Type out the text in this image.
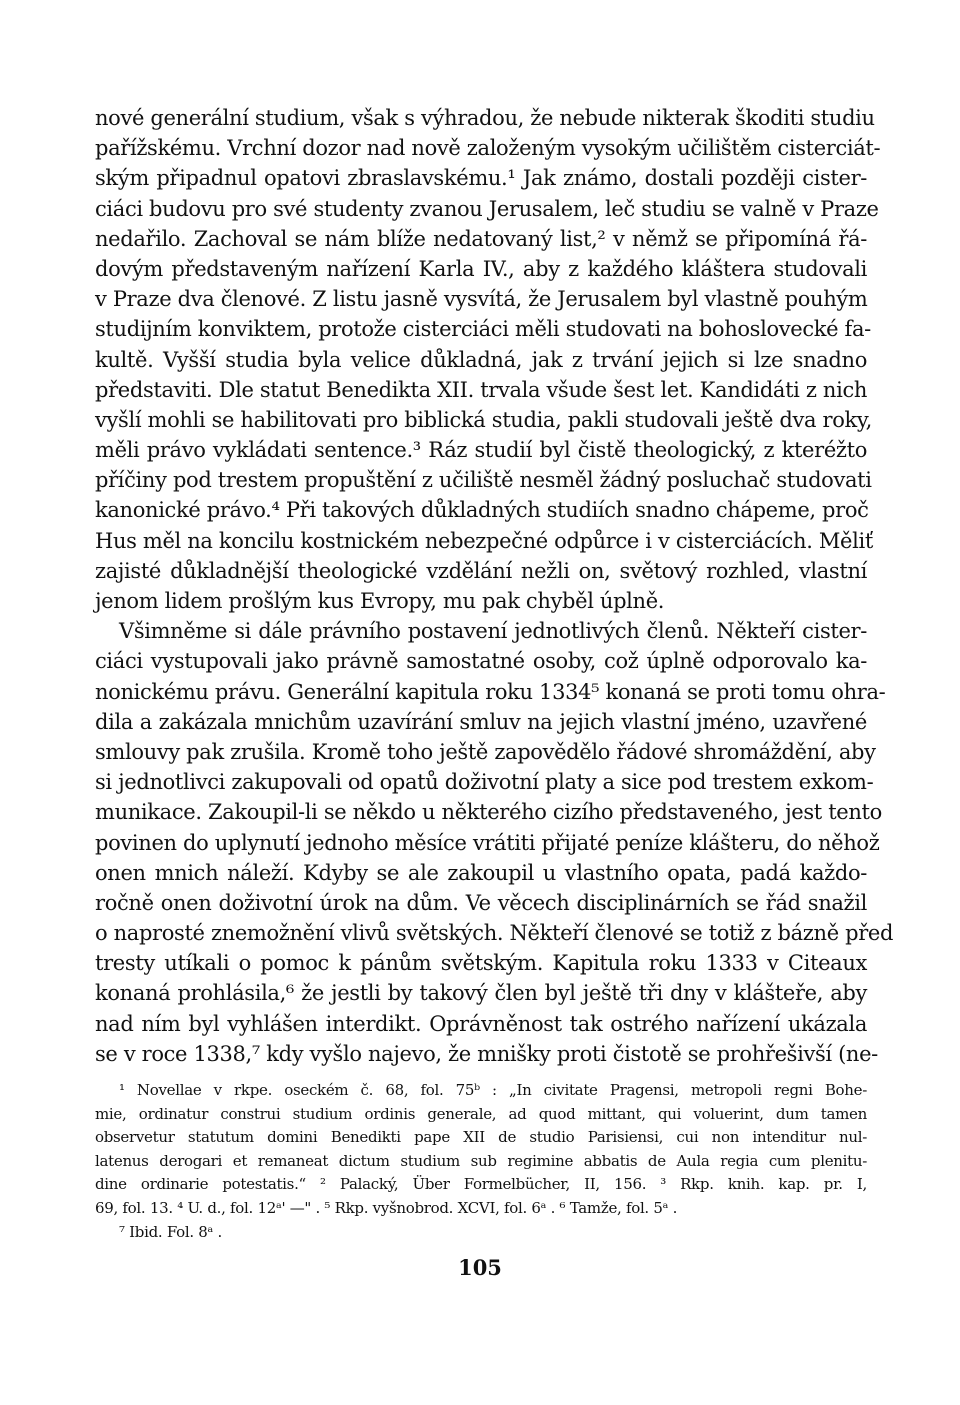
nové generální studium, však s výhradou, že nebude nikterak škoditi studiu
pařížskému. Vrchní dozor nad nově založeným vysokým učilištěm cisterciát-
ským připadnul opatovi zbraslavskému.¹ Jak známo, dostali později cister-
ciáci budovu pro své studenty zvanou Jerusalem, leč studiu se valně v Praze
nedařilo. Zachoval se nám blíže nedatovaný list,² v němž se připomíná řá-
dovým představeným nařízení Karla IV., aby z každého kláštera studovali
v Praze dva členové. Z listu jasně vysvítá, že Jerusalem byl vlastně pouhým
studijním konviktem, protože cisterciáci měli studovati na bohoslovecké fa-
kultě. Vyšší studia byla velice důkladná, jak z trvání jejich si lze snadno
představiti. Dle statut Benedikta XII. trvala všude šest let. Kandidáti z nich
vyšlí mohli se habilitovati pro biblická studia, pakli studovali ještě dva roky,
měli právo vykládati sentence.³ Ráz studií byl čistě theologický, z kteréžto
příčiny pod trestem propuštění z učiliště nesměl žádný posluchač studovati
kanonické právo.⁴ Při takových důkladných studiích snadno chápeme, proč
Hus měl na koncilu kostnickém nebezpečné odpůrce i v cisterciácích. Měliť
zajisté důkladnější theologické vzdělání nežli on, světový rozhled, vlastní
jenom lidem prošlým kus Evropy, mu pak chyběl úplně.
Všimněme si dále právního postavení jednotlivých členů. Někteří cister-
ciáci vystupovali jako právně samostatné osoby, což úplně odporovalo ka-
nonickému právu. Generální kapitula roku 1334⁵ konaná se proti tomu ohra-
dila a zakázala mnichům uzavírání smluv na jejich vlastní jméno, uzavřené
smlouvy pak zrušila. Kromě toho ještě zapovědělo řádové shromáždění, aby
si jednotlivci zakupovali od opatů doživotní platy a sice pod trestem exkom-
munikace. Zakoupil-li se někdo u některého cizího představeného, jest tento
povinen do uplynutí jednoho měsíce vrátiti přijaté peníze klášteru, do něhož
onen mnich náleží. Kdyby se ale zakoupil u vlastního opata, padá každo-
ročně onen doživotní úrok na dům. Ve věcech disciplinárních se řád snažil
o naprosté znemožnění vlivů světských. Někteří členové se totiž z bázně před
tresty utíkali o pomoc k pánům světským. Kapitula roku 1333 v Citeaux
konaná prohlásila,⁶ že jestli by takový člen byl ještě tři dny v klášteře, aby
nad ním byl vyhlášen interdikt. Oprávněnost tak ostrého nařízení ukázala
se v roce 1338,⁷ kdy vyšlo najevo, že mnišky proti čistotě se prohřešivší (ne-
¹ Novellae v rkpe. oseckém č. 68, fol. 75ᵇ : „In civitate Pragensi, metropoli regni Bohe-
mie, ordinatur construi studium ordinis generale, ad quod mittant, qui voluerint, dum tamen
observetur statutum domini Benedikti pape XII de studio Parisiensi, cui non intenditur nul-
latenus derogari et remaneat dictum studium sub regimine abbatis de Aula regia cum plenitu-
dine ordinarie potestatis.“ ² Palacký, Über Formelbücher, II, 156. ³ Rkp. knih. kap. pr. I,
69, fol. 13. ⁴ U. d., fol. 12ᵃ' —" . ⁵ Rkp. vyšnobrod. XCVI, fol. 6ᵃ . ⁶ Tamže, fol. 5ᵃ .
⁷ Ibid. Fol. 8ᵃ .
105
